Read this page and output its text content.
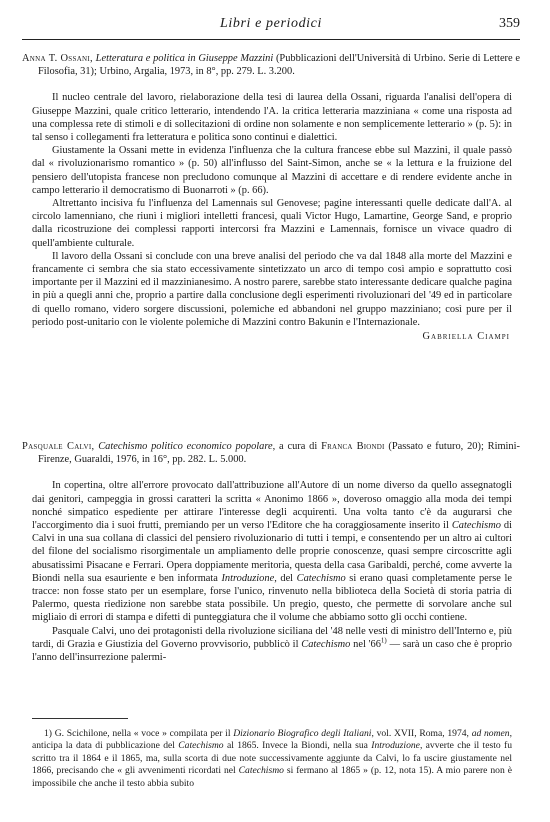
Libri e periodici	359

Anna T. Ossani, Letteratura e politica in Giuseppe Mazzini (Pubblicazioni dell'Università di Urbino. Serie di Lettere e Filosofia, 31); Urbino, Argalia, 1973, in 8°, pp. 279. L. 3.200.

Il nucleo centrale del lavoro, rielaborazione della tesi di laurea della Ossani, riguarda l'analisi dell'opera di Giuseppe Mazzini, quale critico letterario, intendendo l'A. la critica letteraria mazziniana « come una risposta ad una complessa rete di stimoli e di sollecitazioni di ordine non solamente e non semplicemente letterario » (p. 5): in tal senso i collegamenti fra letteratura e politica sono continui e dialettici.

Giustamente la Ossani mette in evidenza l'influenza che la cultura francese ebbe sul Mazzini, il quale passò dal « rivoluzionarismo romantico » (p. 50) all'influsso del Saint-Simon, anche se « la lettura e la fruizione del pensiero dell'utopista francese non precludono comunque al Mazzini di accettare e di rendere evidente anche in campo letterario il democratismo di Buonarroti » (p. 66).

Altrettanto incisiva fu l'influenza del Lamennais sul Genovese; pagine interessanti quelle dedicate dall'A. al circolo lamenniano, che riunì i migliori intelletti francesi, quali Victor Hugo, Lamartine, George Sand, e proprio dalla ricostruzione dei complessi rapporti intercorsi fra Mazzini e Lamennais, fornisce un vivace quadro di quell'ambiente culturale.

Il lavoro della Ossani si conclude con una breve analisi del periodo che va dal 1848 alla morte del Mazzini e francamente ci sembra che sia stato eccessivamente sintetizzato un arco di tempo così ampio e soprattutto così importante per il Mazzini ed il mazzinianesimo. A nostro parere, sarebbe stato interessante dedicare qualche pagina in più a quegli anni che, proprio a partire dalla conclusione degli esperimenti rivoluzionari del '49 ed in particolare di quello romano, videro sorgere discussioni, polemiche ed abbandoni nel gruppo mazziniano; così pure per il periodo post-unitario con le violente polemiche di Mazzini contro Bakunin e l'Internazionale.

Gabriella Ciampi

Pasquale Calvi, Catechismo politico economico popolare, a cura di Franca Biondi (Passato e futuro, 20); Rimini-Firenze, Guaraldi, 1976, in 16°, pp. 282. L. 5.000.

In copertina, oltre all'errore provocato dall'attribuzione all'Autore di un nome diverso da quello assegnatogli dai genitori, campeggia in grossi caratteri la scritta « Anonimo 1866 », doveroso omaggio alla moda dei tempi nonché simpatico espediente per attirare l'interesse degli acquirenti. Una volta tanto c'è da augurarsi che l'accorgimento dia i suoi frutti, premiando per un verso l'Editore che ha coraggiosamente inserito il Catechismo di Calvi in una sua collana di classici del pensiero rivoluzionario di tutti i tempi, e consentendo per un altro ai cultori del filone del socialismo risorgimentale un ampliamento delle proprie conoscenze, quasi sempre circoscritte agli abusatissimi Pisacane e Ferrari. Opera doppiamente meritoria, questa della casa Garibaldi, perché, come avverte la Biondi nella sua esauriente e ben informata Introduzione, del Catechismo si erano quasi completamente perse le tracce: non fosse stato per un esemplare, forse l'unico, rinvenuto nella biblioteca della Società di storia patria di Palermo, questa riedizione non sarebbe stata possibile. Un pregio, questo, che permette di sorvolare anche sul migliaio di errori di stampa e difetti di punteggiatura che il volume che abbiamo sotto gli occhi contiene.

Pasquale Calvi, uno dei protagonisti della rivoluzione siciliana del '48 nelle vesti di ministro dell'Interno e, più tardi, di Grazia e Giustizia del Governo provvisorio, pubblicò il Catechismo nel '66$^{1)}$ — sarà un caso che è proprio l'anno dell'insurrezione palermi-

1) G. Scichilone, nella « voce » compilata per il Dizionario Biografico degli Italiani, vol. XVII, Roma, 1974, ad nomen, anticipa la data di pubblicazione del Catechismo al 1865. Invece la Biondi, nella sua Introduzione, avverte che il testo fu scritto tra il 1864 e il 1865, ma, sulla scorta di due note successivamente aggiunte da Calvi, lo fa uscire giustamente nel 1866, precisando che « gli avvenimenti ricordati nel Catechismo si fermano al 1865 » (p. 12, nota 15). A mio parere non è impossibile che anche il testo abbia subito
